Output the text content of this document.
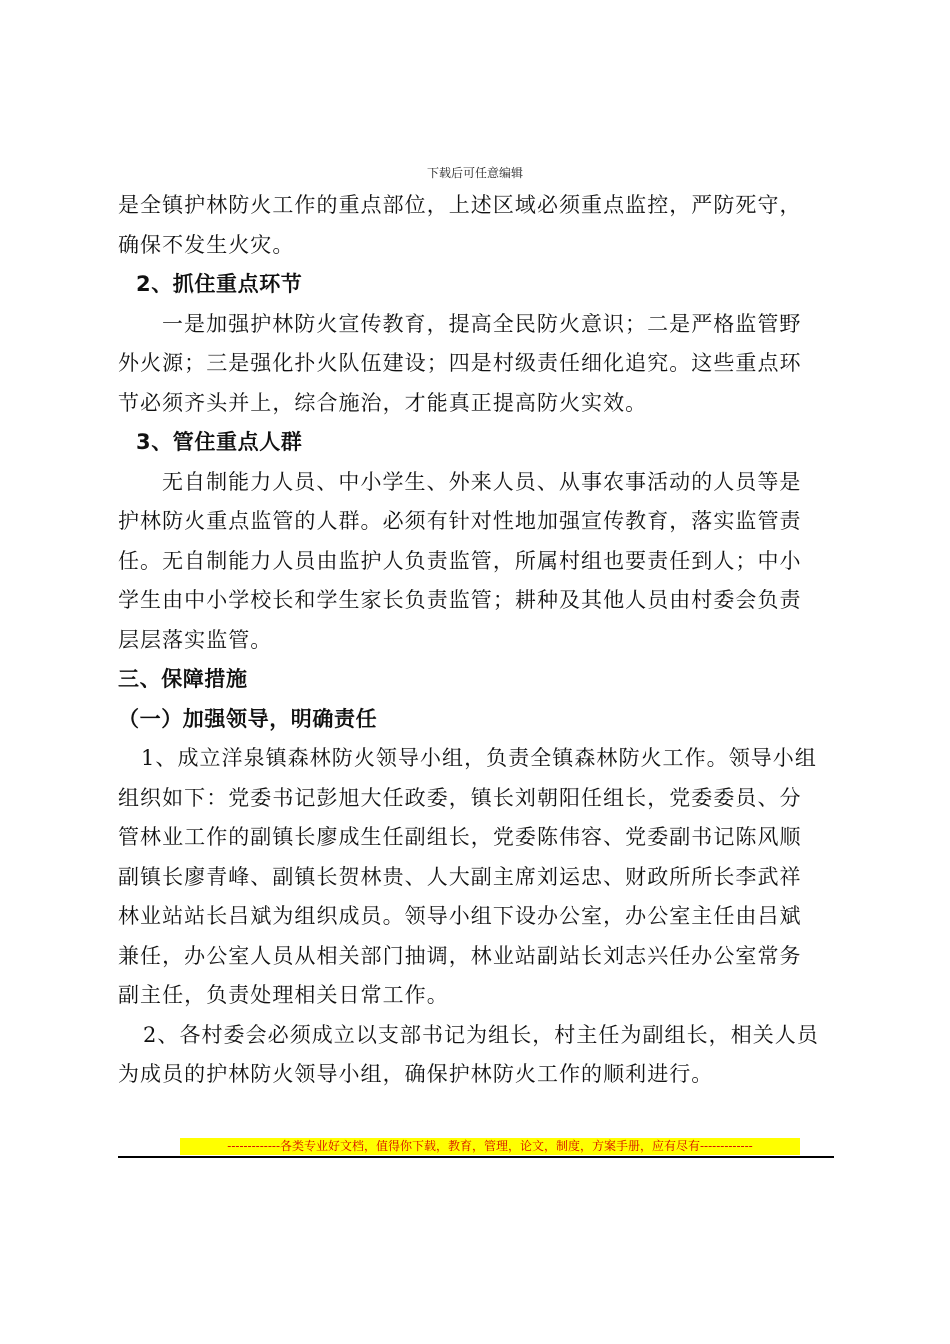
下载后可任意编辑
是全镇护林防火工作的重点部位，上述区域必须重点监控，严防死守，
确保不发生火灾。
2、抓住重点环节
一是加强护林防火宣传教育，提高全民防火意识；二是严格监管野
外火源；三是强化扑火队伍建设；四是村级责任细化追究。这些重点环
节必须齐头并上，综合施治，才能真正提高防火实效。
3、管住重点人群
无自制能力人员、中小学生、外来人员、从事农事活动的人员等是
护林防火重点监管的人群。必须有针对性地加强宣传教育，落实监管责
任。无自制能力人员由监护人负责监管，所属村组也要责任到人；中小
学生由中小学校长和学生家长负责监管；耕种及其他人员由村委会负责
层层落实监管。
三、保障措施
（一）加强领导，明确责任
1、成立洋泉镇森林防火领导小组，负责全镇森林防火工作。领导小组
组织如下：党委书记彭旭大任政委，镇长刘朝阳任组长，党委委员、分
管林业工作的副镇长廖成生任副组长，党委陈伟容、党委副书记陈风顺
副镇长廖青峰、副镇长贺林贵、人大副主席刘运忠、财政所所长李武祥
林业站站长吕斌为组织成员。领导小组下设办公室，办公室主任由吕斌
兼任，办公室人员从相关部门抽调，林业站副站长刘志兴任办公室常务
副主任，负责处理相关日常工作。
2、各村委会必须成立以支部书记为组长，村主任为副组长，相关人员
为成员的护林防火领导小组，确保护林防火工作的顺利进行。
-------------各类专业好文档，值得你下载，教育，管理，论文，制度，方案手册，应有尽有-------------
